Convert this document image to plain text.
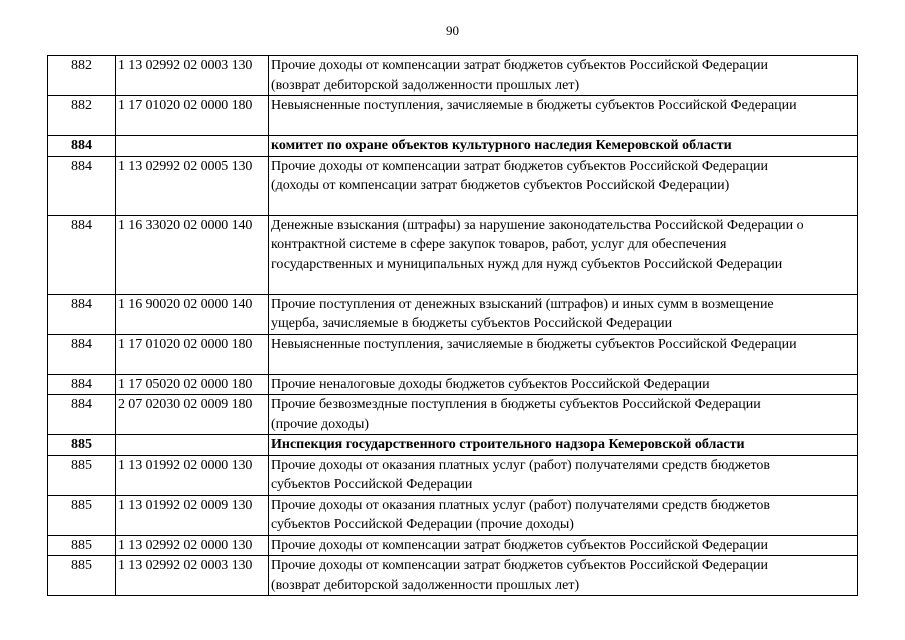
90
882	1 13 02992 02 0003 130	Прочие доходы от компенсации затрат бюджетов субъектов Российской Федерации
(возврат дебиторской задолженности прошлых лет)

882	1 17 01020 02 0000 180	Невыясненные поступления, зачисляемые в бюджеты субъектов Российской Федерации

884		комитет по охране объектов культурного наследия Кемеровской области

884	1 13 02992 02 0005 130	Прочие доходы от компенсации затрат бюджетов субъектов Российской Федерации
(доходы от компенсации затрат бюджетов субъектов Российской Федерации)

884	1 16 33020 02 0000 140	Денежные взыскания (штрафы) за нарушение законодательства Российской Федерации о
контрактной системе в сфере закупок товаров, работ, услуг для обеспечения
государственных и муниципальных нужд для нужд субъектов Российской Федерации

884	1 16 90020 02 0000 140	Прочие поступления от денежных взысканий (штрафов) и иных сумм в возмещение
ущерба, зачисляемые в бюджеты субъектов Российской Федерации

884	1 17 01020 02 0000 180	Невыясненные поступления, зачисляемые в бюджеты субъектов Российской Федерации

884	1 17 05020 02 0000 180	Прочие неналоговые доходы бюджетов субъектов Российской Федерации

884	2 07 02030 02 0009 180	Прочие безвозмездные поступления в бюджеты субъектов Российской Федерации
(прочие доходы)

885		Инспекция государственного строительного надзора Кемеровской области

885	1 13 01992 02 0000 130	Прочие доходы от оказания платных услуг (работ) получателями средств бюджетов
субъектов Российской Федерации

885	1 13 01992 02 0009 130	Прочие доходы от оказания платных услуг (работ) получателями средств бюджетов
субъектов Российской Федерации (прочие доходы)

885	1 13 02992 02 0000 130	Прочие доходы от компенсации затрат бюджетов субъектов Российской Федерации

885	1 13 02992 02 0003 130	Прочие доходы от компенсации затрат бюджетов субъектов Российской Федерации
(возврат дебиторской задолженности прошлых лет)
